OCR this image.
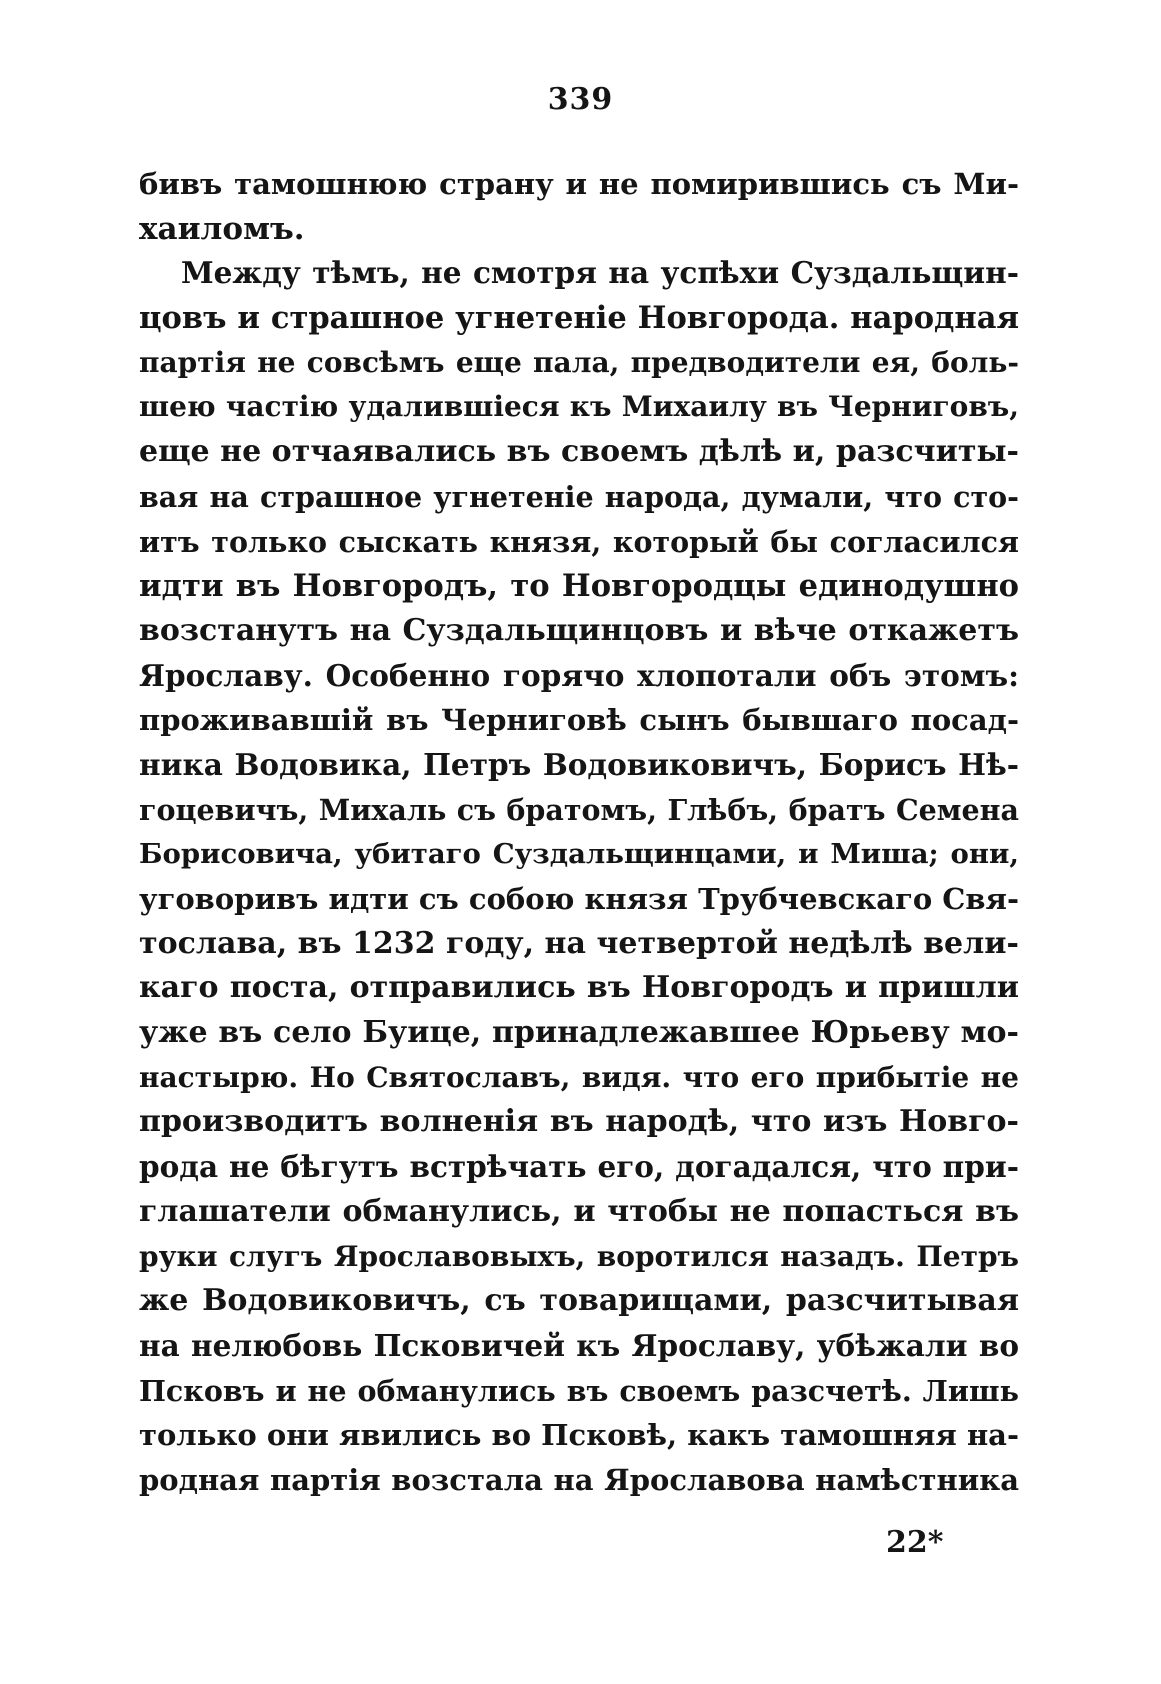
339
бивъ тамошнюю страну и не помирившись съ Ми-
хаиломъ.
Между тѣмъ, не смотря на успѣхи Суздальщин-
цовъ и страшное угнетенiе Новгорода. народная
партiя не совсѣмъ еще пала, предводители ея, боль-
шею частiю удалившiеся къ Михаилу въ Черниговъ,
еще не отчаявались въ своемъ дѣлѣ и, разсчиты-
вая на страшное угнетенiе народа, думали, что сто-
итъ только сыскать князя, который бы согласился
идти въ Новгородъ, то Новгородцы единодушно
возстанутъ на Суздальщинцовъ и вѣче откажетъ
Ярославу. Особенно горячо хлопотали объ этомъ:
проживавшiй въ Черниговѣ сынъ бывшаго посад-
ника Водовика, Петръ Водовиковичъ, Борисъ Нѣ-
гоцевичъ, Михаль съ братомъ, Глѣбъ, братъ Семена
Борисовича, убитаго Суздальщинцами, и Миша; они,
уговоривъ идти съ собою князя Трубчевскаго Свя-
тослава, въ 1232 году, на четвертой недѣлѣ вели-
каго поста, отправились въ Новгородъ и пришли
уже въ село Буице, принадлежавшее Юрьеву мо-
настырю. Но Святославъ, видя. что его прибытiе не
производитъ волненiя въ народѣ, что изъ Новго-
рода не бѣгутъ встрѣчать его, догадался, что при-
глашатели обманулись, и чтобы не попасться въ
руки слугъ Ярославовыхъ, воротился назадъ. Петръ
же Водовиковичъ, съ товарищами, разсчитывая
на нелюбовь Псковичей къ Ярославу, убѣжали во
Псковъ и не обманулись въ своемъ разсчетѣ. Лишь
только они явились во Псковѣ, какъ тамошняя на-
родная партiя возстала на Ярославова намѣстника
22*
